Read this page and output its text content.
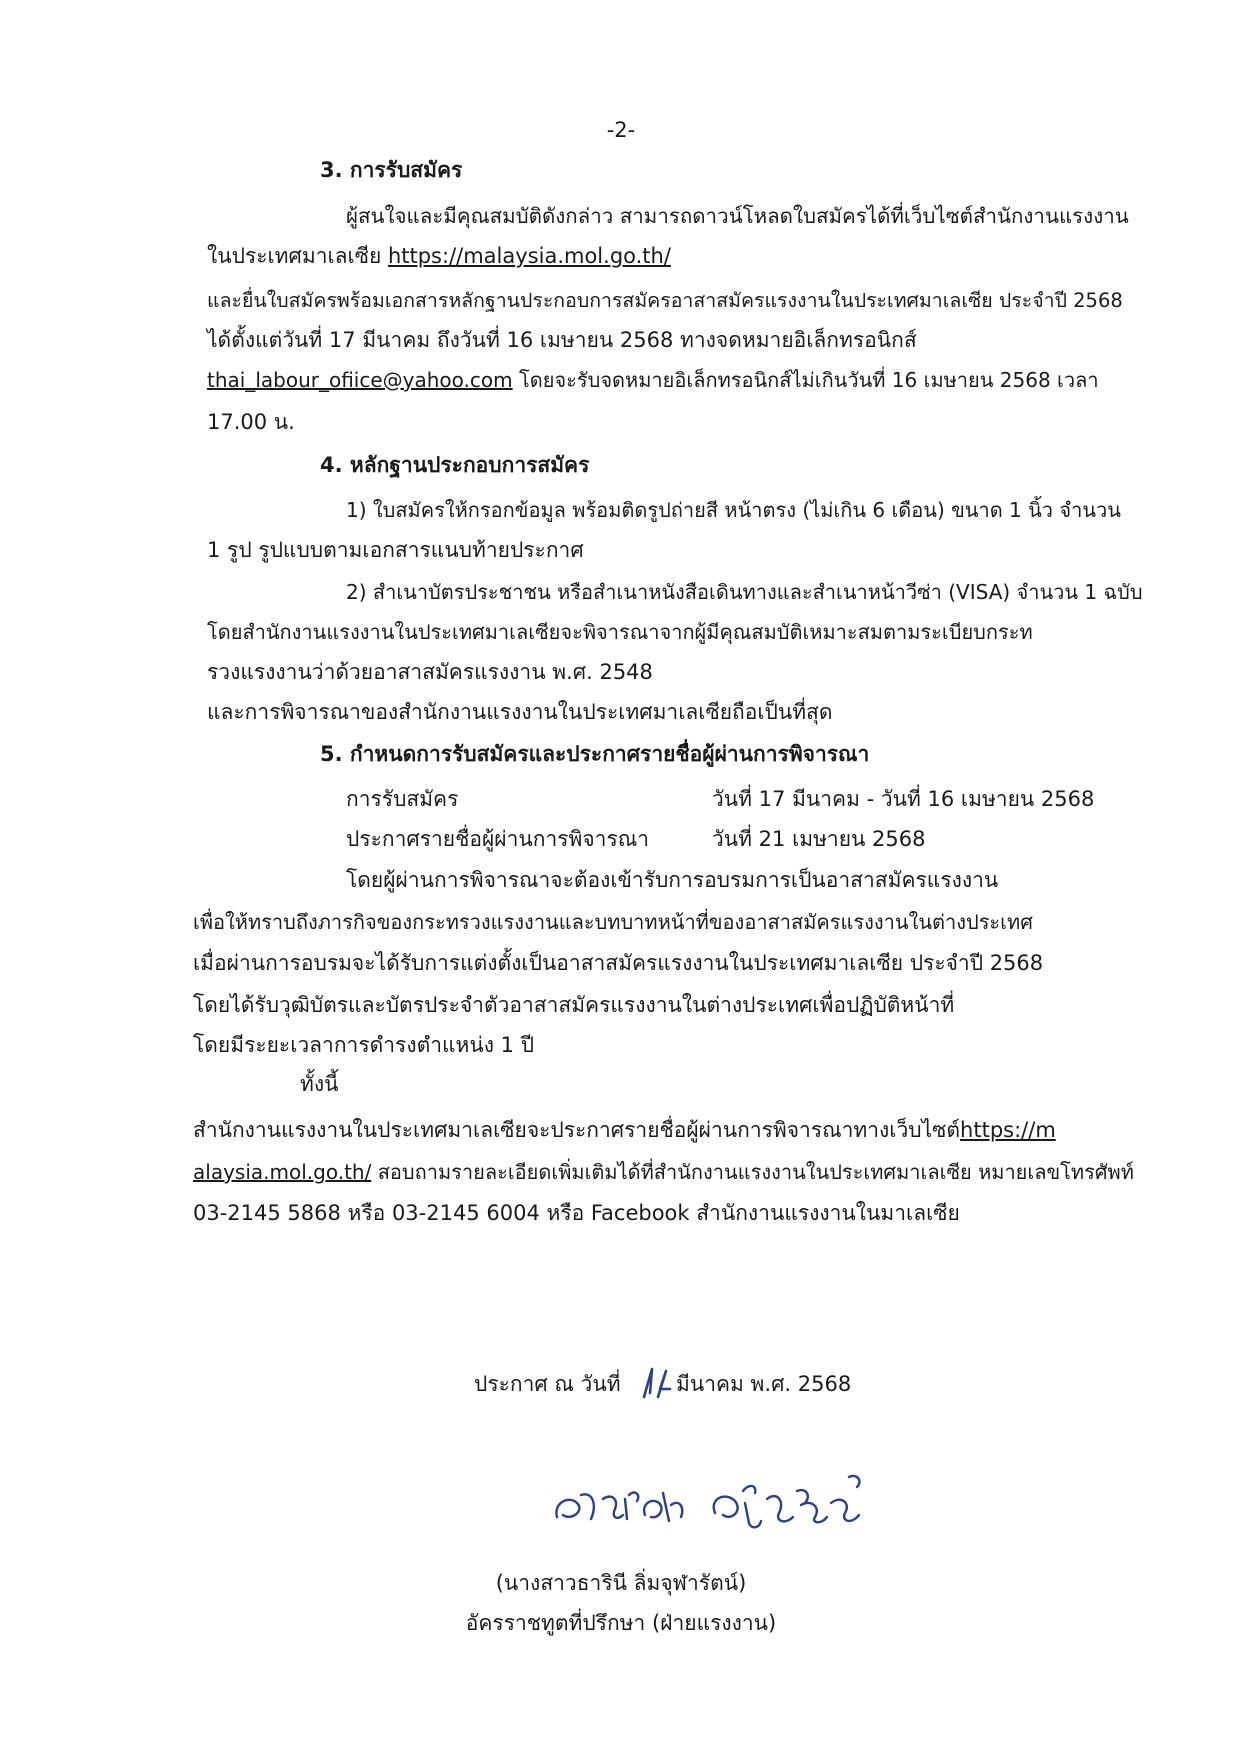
-2-
3. การรับสมัคร
ผู้สนใจและมีคุณสมบัติดังกล่าว สามารถดาวน์โหลดใบสมัครได้ที่เว็บไซต์สำนักงานแรงงาน
ในประเทศมาเลเซีย https://malaysia.mol.go.th/
และยื่นใบสมัครพร้อมเอกสารหลักฐานประกอบการสมัครอาสาสมัครแรงงานในประเทศมาเลเซีย ประจำปี 2568
ได้ตั้งแต่วันที่ 17 มีนาคม ถึงวันที่ 16 เมษายน 2568 ทางจดหมายอิเล็กทรอนิกส์
thai_labour_ofiice@yahoo.com โดยจะรับจดหมายอิเล็กทรอนิกส์ไม่เกินวันที่ 16 เมษายน 2568 เวลา
17.00 น.
4. หลักฐานประกอบการสมัคร
1) ใบสมัครให้กรอกข้อมูล พร้อมติดรูปถ่ายสี หน้าตรง (ไม่เกิน 6 เดือน) ขนาด 1 นิ้ว จำนวน
1 รูป รูปแบบตามเอกสารแนบท้ายประกาศ
2) สำเนาบัตรประชาชน หรือสำเนาหนังสือเดินทางและสำเนาหน้าวีซ่า (VISA) จำนวน 1 ฉบับ
โดยสำนักงานแรงงานในประเทศมาเลเซียจะพิจารณาจากผู้มีคุณสมบัติเหมาะสมตามระเบียบกระท
รวงแรงงานว่าด้วยอาสาสมัครแรงงาน พ.ศ. 2548
และการพิจารณาของสำนักงานแรงงานในประเทศมาเลเซียถือเป็นที่สุด
5. กำหนดการรับสมัครและประกาศรายชื่อผู้ผ่านการพิจารณา
การรับสมัคร	วันที่ 17 มีนาคม - วันที่ 16 เมษายน 2568
ประกาศรายชื่อผู้ผ่านการพิจารณา	วันที่ 21 เมษายน 2568
โดยผู้ผ่านการพิจารณาจะต้องเข้ารับการอบรมการเป็นอาสาสมัครแรงงาน
เพื่อให้ทราบถึงภารกิจของกระทรวงแรงงานและบทบาทหน้าที่ของอาสาสมัครแรงงานในต่างประเทศ
เมื่อผ่านการอบรมจะได้รับการแต่งตั้งเป็นอาสาสมัครแรงงานในประเทศมาเลเซีย ประจำปี 2568
โดยได้รับวุฒิบัตรและบัตรประจำตัวอาสาสมัครแรงงานในต่างประเทศเพื่อปฏิบัติหน้าที่
โดยมีระยะเวลาการดำรงตำแหน่ง 1 ปี
ทั้งนี้
สำนักงานแรงงานในประเทศมาเลเซียจะประกาศรายชื่อผู้ผ่านการพิจารณาทางเว็บไซต์https://m
alaysia.mol.go.th/ สอบถามรายละเอียดเพิ่มเติมได้ที่สำนักงานแรงงานในประเทศมาเลเซีย หมายเลขโทรศัพท์
03-2145 5868 หรือ 03-2145 6004 หรือ Facebook สำนักงานแรงงานในมาเลเซีย
ประกาศ ณ วันที่	มีนาคม พ.ศ. 2568
(นางสาวธารินี ลิ่มจุฬารัตน์)
อัครราชทูตที่ปรึกษา (ฝ่ายแรงงาน)
